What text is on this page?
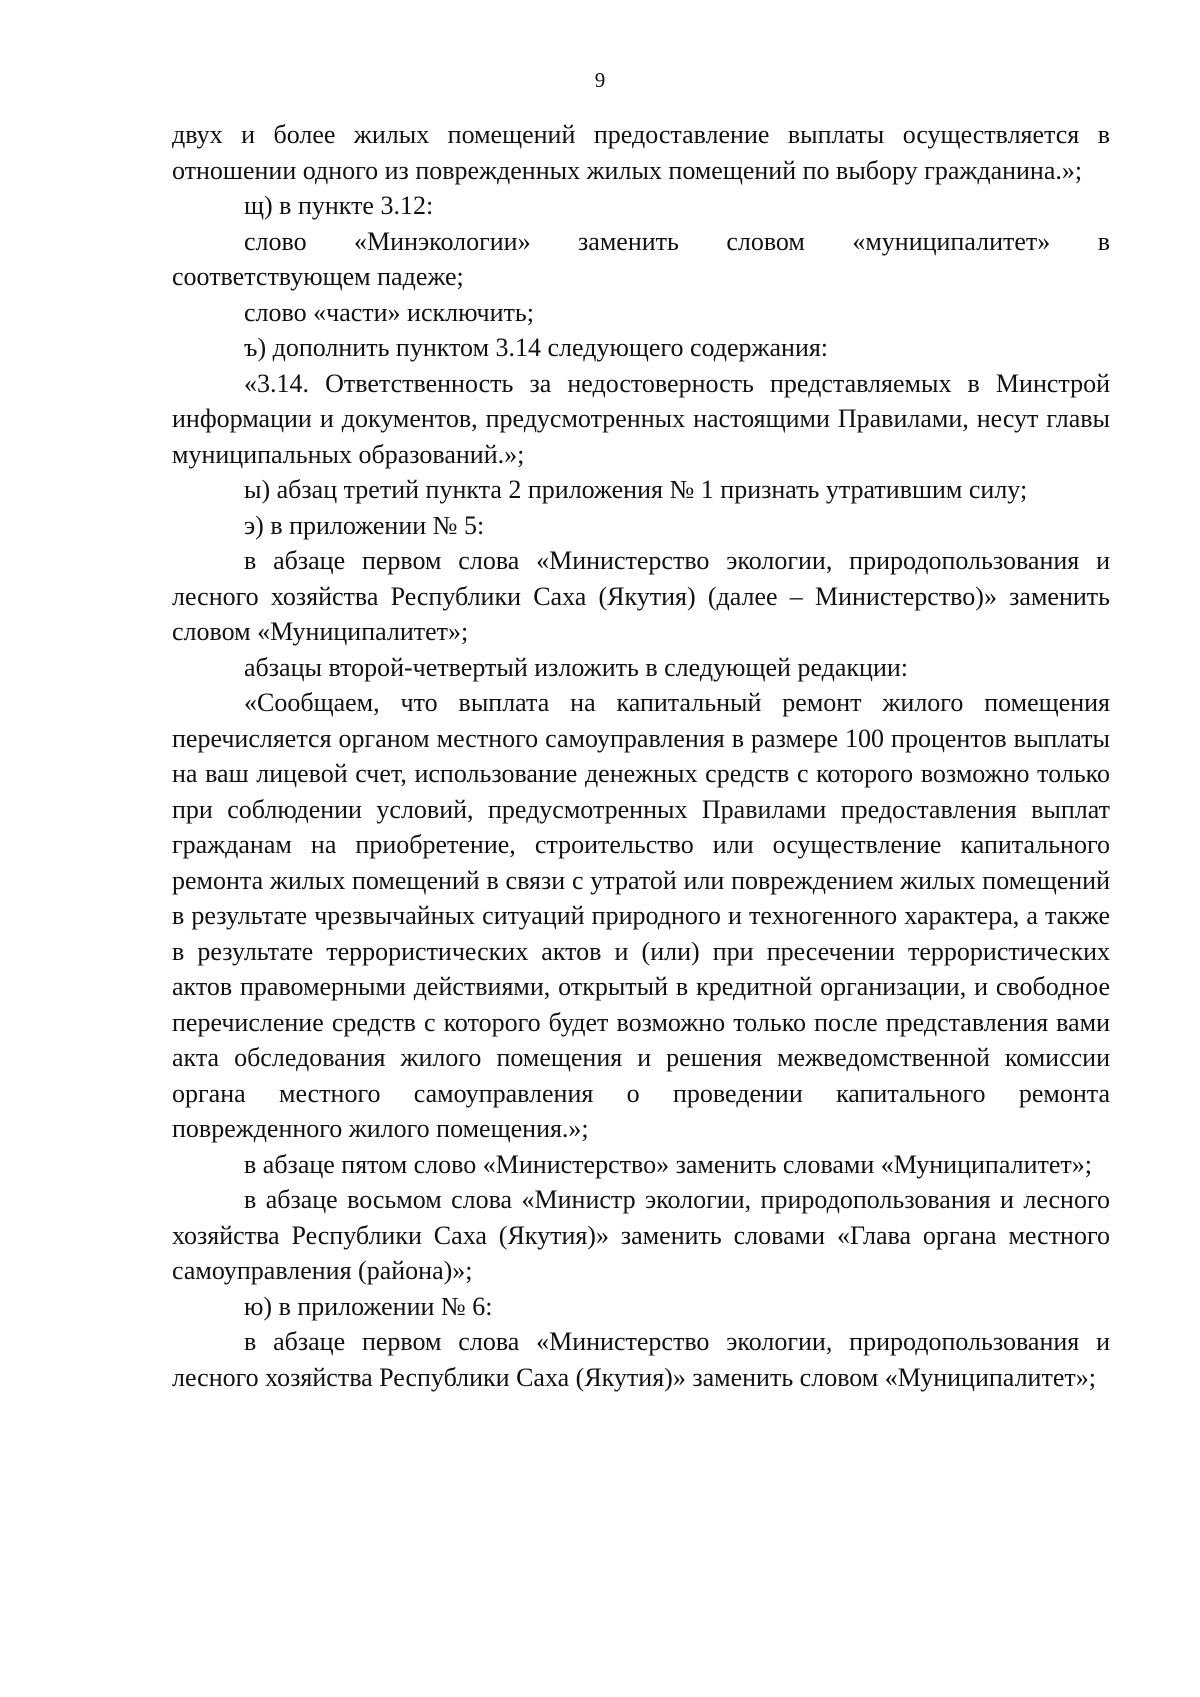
9

двух и более жилых помещений предоставление выплаты осуществляется в отношении одного из поврежденных жилых помещений по выбору гражданина.»;

щ) в пункте 3.12:

слово «Минэкологии» заменить словом «муниципалитет» в соответствующем падеже;

слово «части» исключить;

ъ) дополнить пунктом 3.14 следующего содержания:

«3.14. Ответственность за недостоверность представляемых в Минстрой информации и документов, предусмотренных настоящими Правилами, несут главы муниципальных образований.»;

ы) абзац третий пункта 2 приложения № 1 признать утратившим силу;

э) в приложении № 5:

в абзаце первом слова «Министерство экологии, природопользования и лесного хозяйства Республики Саха (Якутия) (далее – Министерство)» заменить словом «Муниципалитет»;

абзацы второй-четвертый изложить в следующей редакции:

«Сообщаем, что выплата на капитальный ремонт жилого помещения перечисляется органом местного самоуправления в размере 100 процентов выплаты на ваш лицевой счет, использование денежных средств с которого возможно только при соблюдении условий, предусмотренных Правилами предоставления выплат гражданам на приобретение, строительство или осуществление капитального ремонта жилых помещений в связи с утратой или повреждением жилых помещений в результате чрезвычайных ситуаций природного и техногенного характера, а также в результате террористических актов и (или) при пресечении террористических актов правомерными действиями, открытый в кредитной организации, и свободное перечисление средств с которого будет возможно только после представления вами акта обследования жилого помещения и решения межведомственной комиссии органа местного самоуправления о проведении капитального ремонта поврежденного жилого помещения.»;

в абзаце пятом слово «Министерство» заменить словами «Муниципалитет»;

в абзаце восьмом слова «Министр экологии, природопользования и лесного хозяйства Республики Саха (Якутия)» заменить словами «Глава органа местного самоуправления (района)»;

ю) в приложении № 6:

в абзаце первом слова «Министерство экологии, природопользования и лесного хозяйства Республики Саха (Якутия)» заменить словом «Муниципалитет»;
